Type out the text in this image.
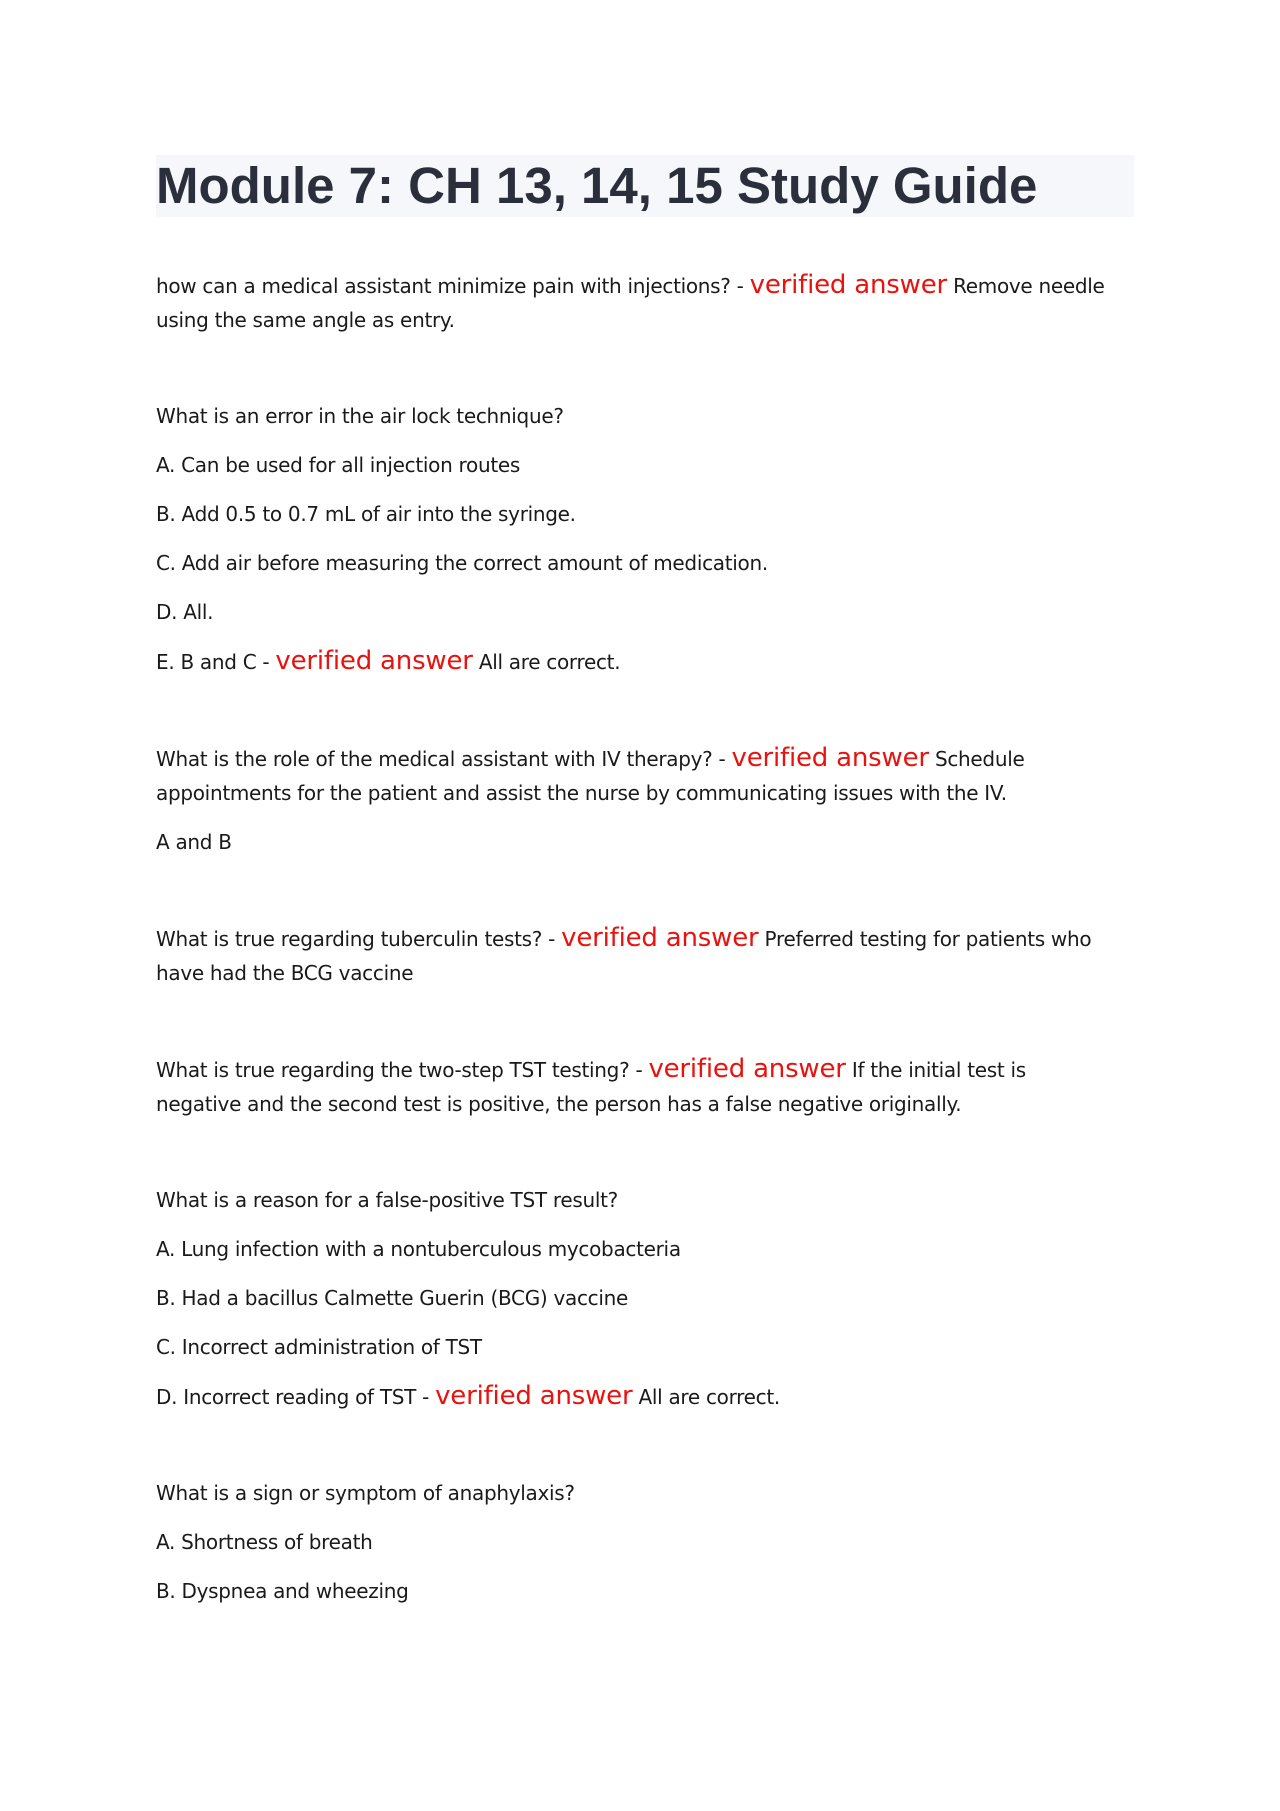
Module 7: CH 13, 14, 15 Study Guide

how can a medical assistant minimize pain with injections? - verified answer Remove needle using the same angle as entry.

What is an error in the air lock technique?

A. Can be used for all injection routes

B. Add 0.5 to 0.7 mL of air into the syringe.

C. Add air before measuring the correct amount of medication.

D. All.

E. B and C - verified answer All are correct.

What is the role of the medical assistant with IV therapy? - verified answer Schedule appointments for the patient and assist the nurse by communicating issues with the IV.

A and B

What is true regarding tuberculin tests? - verified answer Preferred testing for patients who have had the BCG vaccine

What is true regarding the two-step TST testing? - verified answer If the initial test is negative and the second test is positive, the person has a false negative originally.

What is a reason for a false-positive TST result?

A. Lung infection with a nontuberculous mycobacteria

B. Had a bacillus Calmette Guerin (BCG) vaccine

C. Incorrect administration of TST

D. Incorrect reading of TST - verified answer All are correct.

What is a sign or symptom of anaphylaxis?

A. Shortness of breath

B. Dyspnea and wheezing
